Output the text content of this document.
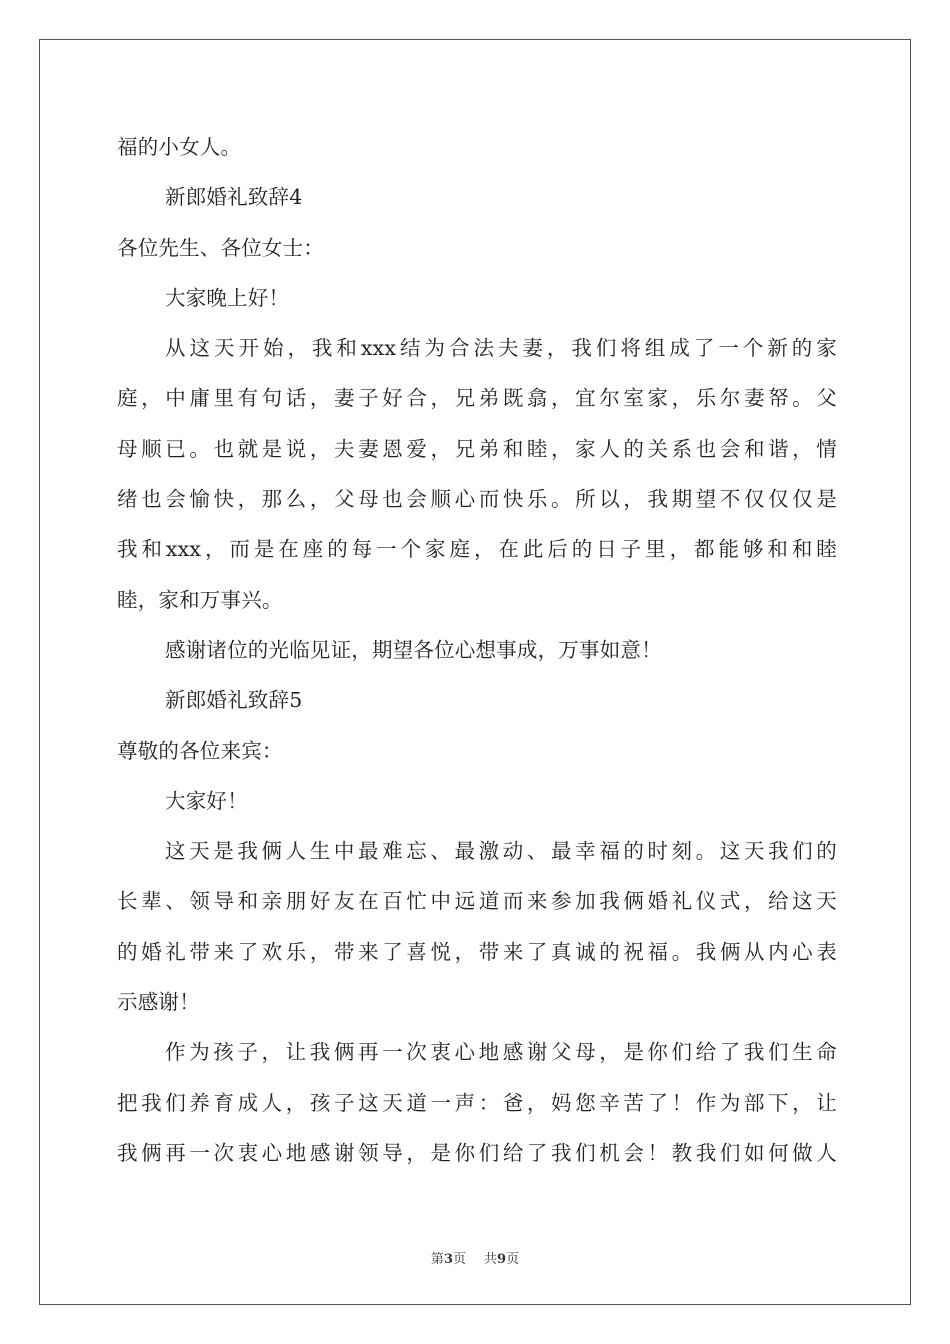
福的小女人。
新郎婚礼致辞4
各位先生、各位女士：
大家晚上好！
从这天开始，我和xxx结为合法夫妻，我们将组成了一个新的家
庭，中庸里有句话，妻子好合，兄弟既翕，宜尔室家，乐尔妻帑。父
母顺已。也就是说，夫妻恩爱，兄弟和睦，家人的关系也会和谐，情
绪也会愉快，那么，父母也会顺心而快乐。所以，我期望不仅仅仅是
我和xxx，而是在座的每一个家庭，在此后的日子里，都能够和和睦
睦，家和万事兴。
感谢诸位的光临见证，期望各位心想事成，万事如意！
新郎婚礼致辞5
尊敬的各位来宾：
大家好！
这天是我俩人生中最难忘、最激动、最幸福的时刻。这天我们的
长辈、领导和亲朋好友在百忙中远道而来参加我俩婚礼仪式，给这天
的婚礼带来了欢乐，带来了喜悦，带来了真诚的祝福。我俩从内心表
示感谢！
作为孩子，让我俩再一次衷心地感谢父母，是你们给了我们生命
把我们养育成人，孩子这天道一声：爸，妈您辛苦了！作为部下，让
我俩再一次衷心地感谢领导，是你们给了我们机会！教我们如何做人
第3页 共9页
